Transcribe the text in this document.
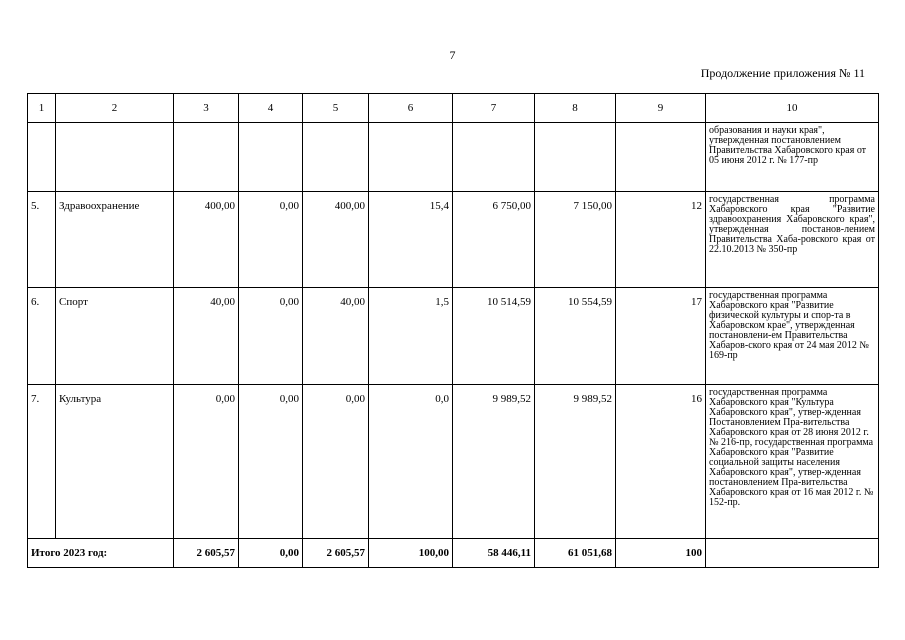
7
Продолжение приложения № 11
1	2	3	4	5	6	7	8	9	10
									образования и науки края", утвержденная постановлением Правительства Хабаровского края от 05 июня 2012 г. № 177-пр
5.	Здравоохранение	400,00	0,00	400,00	15,4	6 750,00	7 150,00	12	государственная программа Хабаровского края "Развитие здравоохранения Хабаровского края", утвержденная постанов-лением Правительства Хаба-ровского края от 22.10.2013 № 350-пр
6.	Спорт	40,00	0,00	40,00	1,5	10 514,59	10 554,59	17	государственная программа Хабаровского края "Развитие физической культуры и спор-та в Хабаровском крае", утвержденная постановлени-ем Правительства Хабаров-ского края от 24 мая 2012 № 169-пр
7.	Культура	0,00	0,00	0,00	0,0	9 989,52	9 989,52	16	государственная программа Хабаровского края "Культура Хабаровского края", утвер-жденная Постановлением Пра-вительства Хабаровского края от 28 июня 2012 г. № 216-пр, государственная программа Хабаровского края "Развитие социальной защиты населения Хабаровского края", утвер-жденная постановлением Пра-вительства Хабаровского края от 16 мая 2012 г. № 152-пр.
Итого 2023 год:		2 605,57	0,00	2 605,57	100,00	58 446,11	61 051,68	100	
